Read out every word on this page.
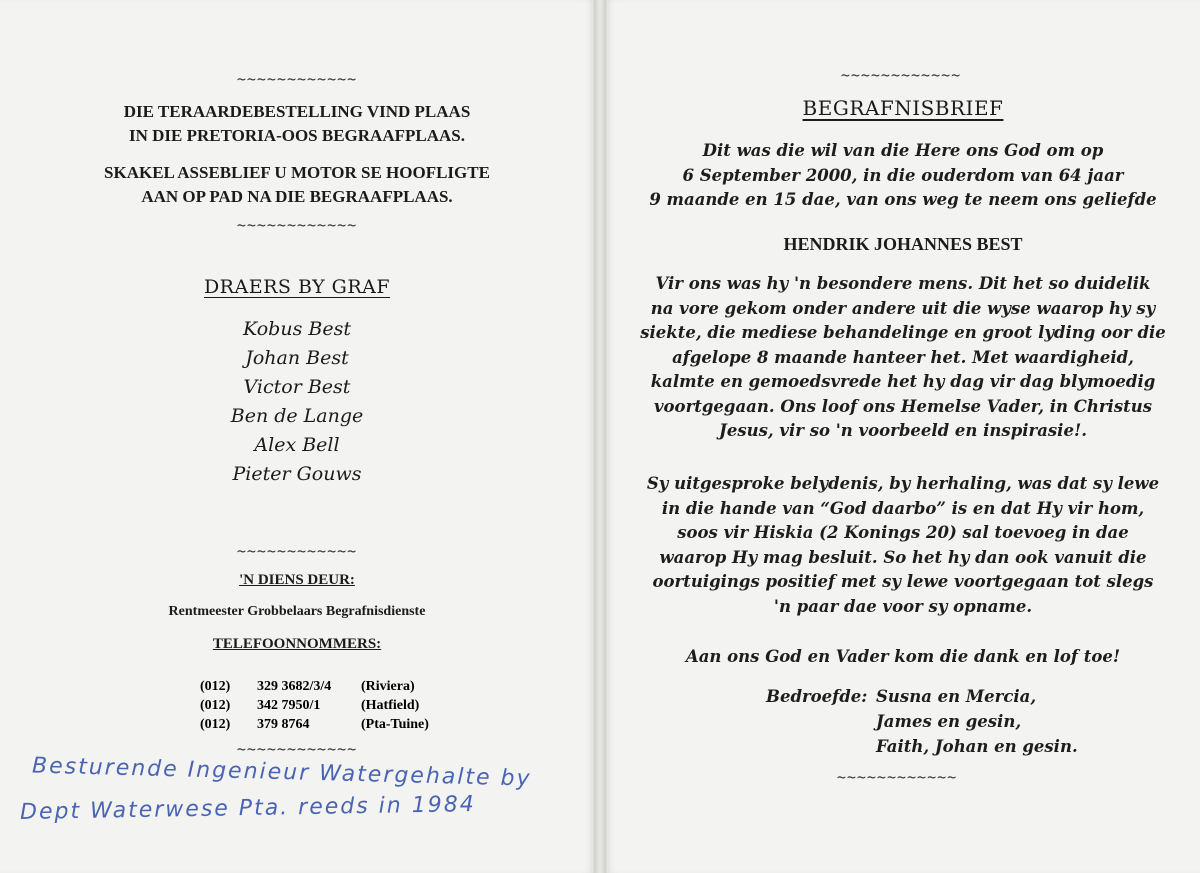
~~~~~~~~~~~~
DIE TERAARDEBESTELLING VIND PLAAS
IN DIE PRETORIA-OOS BEGRAAFPLAAS.
SKAKEL ASSEBLIEF U MOTOR SE HOOFLIGTE
AAN OP PAD NA DIE BEGRAAFPLAAS.
~~~~~~~~~~~~
DRAERS BY GRAF
Kobus Best
Johan Best
Victor Best
Ben de Lange
Alex Bell
Pieter Gouws
~~~~~~~~~~~~
'N DIENS DEUR:
Rentmeester Grobbelaars Begrafnisdienste
TELEFOONNOMMERS:
(012) 329 3682/3/4 (Riviera)
(012) 342 7950/1	(Hatfield)
(012) 379 8764	(Pta-Tuine)
~~~~~~~~~~~~
Besturende Ingenieur Watergehalte by
Dept Waterwese Pta. reeds in 1984
~~~~~~~~~~~~
BEGRAFNISBRIEF
Dit was die wil van die Here ons God om op
6 September 2000, in die ouderdom van 64 jaar
9 maande en 15 dae, van ons weg te neem ons geliefde
HENDRIK JOHANNES BEST
Vir ons was hy 'n besondere mens. Dit het so duidelik
na vore gekom onder andere uit die wyse waarop hy sy
siekte, die mediese behandelinge en groot lyding oor die
afgelope 8 maande hanteer het. Met waardigheid,
kalmte en gemoedsvrede het hy dag vir dag blymoedig
voortgegaan. Ons loof ons Hemelse Vader, in Christus
Jesus, vir so 'n voorbeeld en inspirasie!.
Sy uitgesproke belydenis, by herhaling, was dat sy lewe
in die hande van “God daarbo” is en dat Hy vir hom,
soos vir Hiskia (2 Konings 20) sal toevoeg in dae
waarop Hy mag besluit. So het hy dan ook vanuit die
oortuigings positief met sy lewe voortgegaan tot slegs
'n paar dae voor sy opname.
Aan ons God en Vader kom die dank en lof toe!
Bedroefde: Susna en Mercia,
James en gesin,
Faith, Johan en gesin.
~~~~~~~~~~~~
